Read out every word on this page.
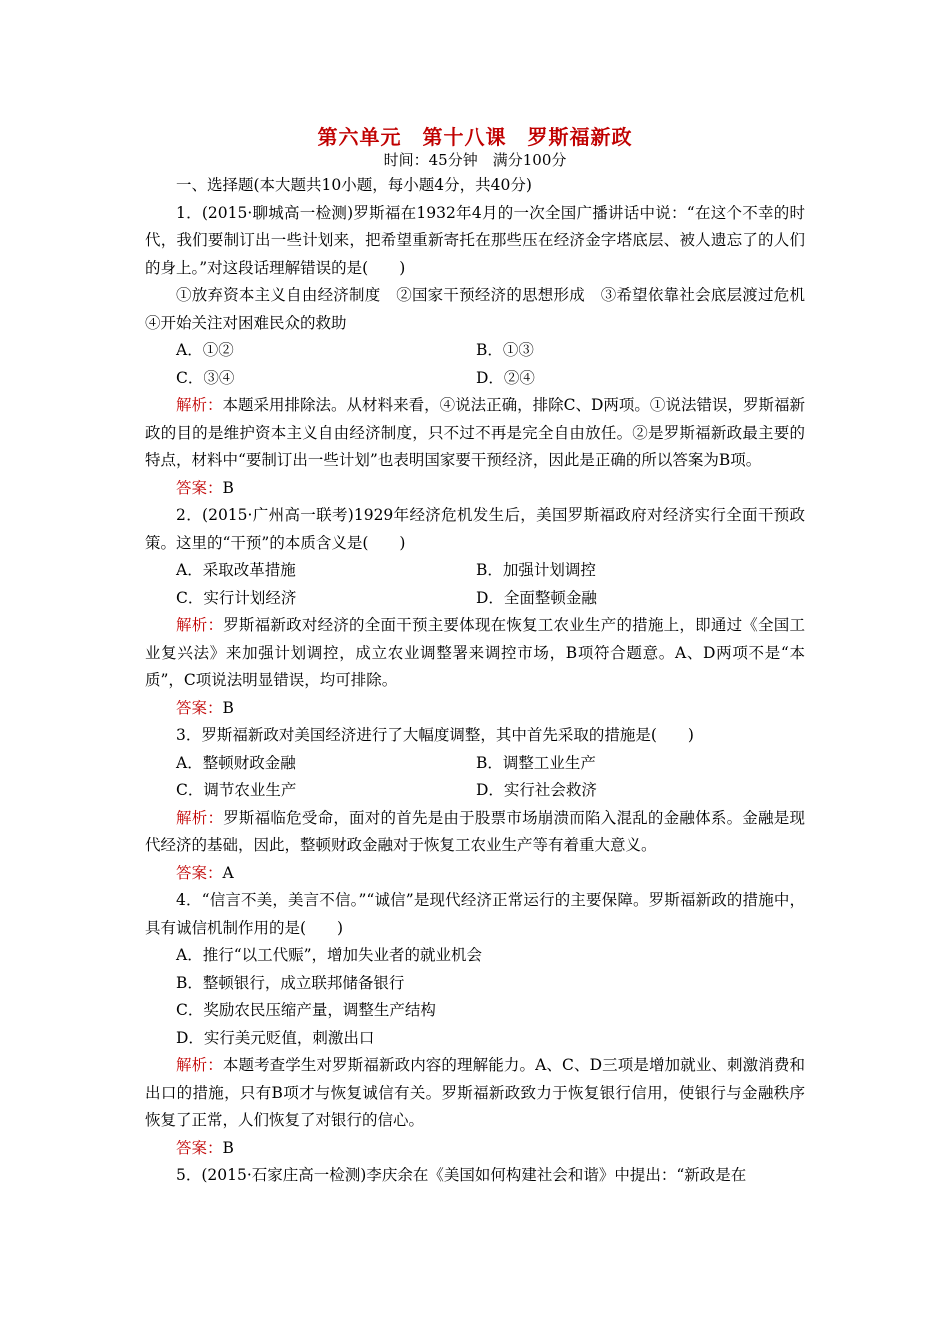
第六单元　第十八课　罗斯福新政
时间：45分钟　满分100分
一、选择题(本大题共10小题，每小题4分，共40分)
1．(2015·聊城高一检测)罗斯福在1932年4月的一次全国广播讲话中说：“在这个不幸的时代，我们要制订出一些计划来，把希望重新寄托在那些压在经济金字塔底层、被人遗忘了的人们的身上。”对这段话理解错误的是(　　)
①放弃资本主义自由经济制度　②国家干预经济的思想形成　③希望依靠社会底层渡过危机　④开始关注对困难民众的救助
A．①②	B．①③
C．③④	D．②④
解析：本题采用排除法。从材料来看，④说法正确，排除C、D两项。①说法错误，罗斯福新政的目的是维护资本主义自由经济制度，只不过不再是完全自由放任。②是罗斯福新政最主要的特点，材料中“要制订出一些计划”也表明国家要干预经济，因此是正确的所以答案为B项。
答案：B
2．(2015·广州高一联考)1929年经济危机发生后，美国罗斯福政府对经济实行全面干预政策。这里的“干预”的本质含义是(　　)
A．采取改革措施	B．加强计划调控
C．实行计划经济	D．全面整顿金融
解析：罗斯福新政对经济的全面干预主要体现在恢复工农业生产的措施上，即通过《全国工业复兴法》来加强计划调控，成立农业调整署来调控市场，B项符合题意。A、D两项不是“本质”，C项说法明显错误，均可排除。
答案：B
3．罗斯福新政对美国经济进行了大幅度调整，其中首先采取的措施是(　　)
A．整顿财政金融	B．调整工业生产
C．调节农业生产	D．实行社会救济
解析：罗斯福临危受命，面对的首先是由于股票市场崩溃而陷入混乱的金融体系。金融是现代经济的基础，因此，整顿财政金融对于恢复工农业生产等有着重大意义。
答案：A
4．“信言不美，美言不信。”“诚信”是现代经济正常运行的主要保障。罗斯福新政的措施中，具有诚信机制作用的是(　　)
A．推行“以工代赈”，增加失业者的就业机会
B．整顿银行，成立联邦储备银行
C．奖励农民压缩产量，调整生产结构
D．实行美元贬值，刺激出口
解析：本题考查学生对罗斯福新政内容的理解能力。A、C、D三项是增加就业、刺激消费和出口的措施，只有B项才与恢复诚信有关。罗斯福新政致力于恢复银行信用，使银行与金融秩序恢复了正常，人们恢复了对银行的信心。
答案：B
5．(2015·石家庄高一检测)李庆余在《美国如何构建社会和谐》中提出：“新政是在
